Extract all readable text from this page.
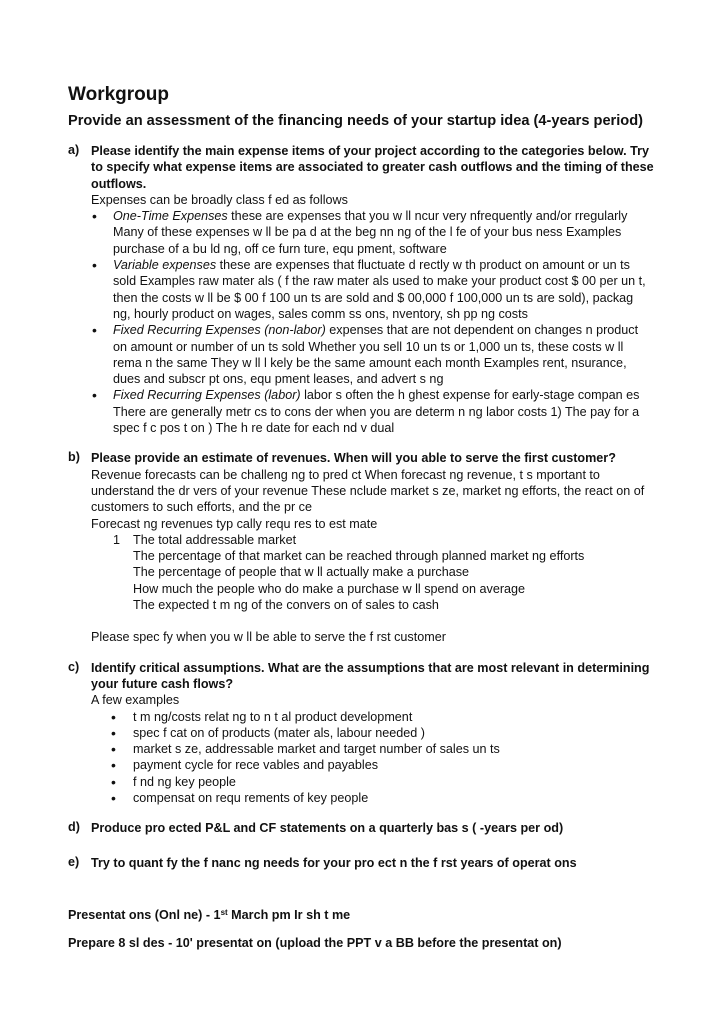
Workgroup
Provide an assessment of the financing needs of your startup idea (4-years period)
a) Please identify the main expense items of your project according to the categories below. Try to specify what expense items are associated to greater cash outflows and the timing of these outflows.
Expenses can be broadly class f ed as follows
• One-Time Expenses these are expenses that you w ll ncur very nfrequently and/or rregularly Many of these expenses w ll be pa d at the beg nn ng of the l fe of your bus ness Examples purchase of a bu ld ng, off ce furn ture, equ pment, software
• Variable expenses these are expenses that fluctuate d rectly w th product on amount or un ts sold Examples raw mater als ( f the raw mater als used to make your product cost $ 00 per un t, then the costs w ll be $ 00 f 100 un ts are sold and $ 00,000 f 100,000 un ts are sold), packag ng, hourly product on wages, sales comm ss ons, nventory, sh pp ng costs
• Fixed Recurring Expenses (non-labor) expenses that are not dependent on changes n product on amount or number of un ts sold Whether you sell 10 un ts or 1,000 un ts, these costs w ll rema n the same They w ll l kely be the same amount each month Examples rent, nsurance, dues and subscr pt ons, equ pment leases, and advert s ng
• Fixed Recurring Expenses (labor) labor s often the h ghest expense for early-stage compan es There are generally metr cs to cons der when you are determ n ng labor costs 1) The pay for a spec f c pos t on ) The h re date for each nd v dual
b) Please provide an estimate of revenues. When will you able to serve the first customer?
Revenue forecasts can be challeng ng to pred ct When forecast ng revenue, t s mportant to understand the dr vers of your revenue These nclude market s ze, market ng efforts, the react on of customers to such efforts, and the pr ce
Forecast ng revenues typ cally requ res to est mate
1 The total addressable market
The percentage of that market can be reached through planned market ng efforts
The percentage of people that w ll actually make a purchase
How much the people who do make a purchase w ll spend on average
The expected t m ng of the convers on of sales to cash
Please spec fy when you w ll be able to serve the f rst customer
c) Identify critical assumptions. What are the assumptions that are most relevant in determining your future cash flows?
A few examples
• t m ng/costs relat ng to n t al product development
• spec f cat on of products (mater als, labour needed )
• market s ze, addressable market and target number of sales un ts
• payment cycle for rece vables and payables
• f nd ng key people
• compensat on requ rements of key people
d) Produce pro ected P&L and CF statements on a quarterly bas s ( -years per od)
e) Try to quant fy the f nanc ng needs for your pro ect n the f rst years of operat ons
Presentat ons (Onl ne) - 1st March pm Ir sh t me
Prepare 8 sl des - 10' presentat on (upload the PPT v a BB before the presentat on)
